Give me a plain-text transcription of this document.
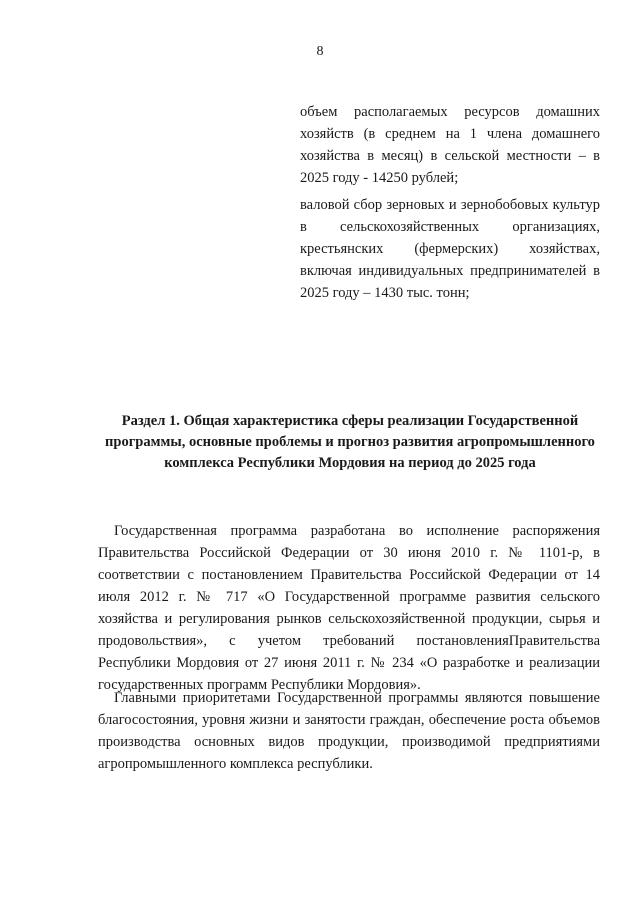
8

объем располагаемых ресурсов домашних хозяйств (в среднем на 1 члена домашнего хозяйства в месяц) в сельской местности – в 2025 году - 14250 рублей;

валовой сбор зерновых и зернобобовых культур в сельскохозяйственных организациях, крестьянских (фермерских) хозяйствах, включая индивидуальных предпринимателей в 2025 году – 1430 тыс. тонн;

Раздел 1. Общая характеристика сферы реализации Государственной программы, основные проблемы и прогноз развития агропромышленного комплекса Республики Мордовия на период до 2025 года

Государственная программа разработана во исполнение распоряжения Правительства Российской Федерации от 30 июня 2010 г. № 1101-р, в соответствии с постановлением Правительства Российской Федерации от 14 июля 2012 г. № 717 «О Государственной программе развития сельского хозяйства и регулирования рынков сельскохозяйственной продукции, сырья и продовольствия», с учетом требований постановленияПравительства Республики Мордовия от 27 июня 2011 г. № 234 «О разработке и реализации государственных программ Республики Мордовия».

Главными приоритетами Государственной программы являются повышение благосостояния, уровня жизни и занятости граждан, обеспечение роста объемов производства основных видов продукции, производимой предприятиями агропромышленного комплекса республики.
